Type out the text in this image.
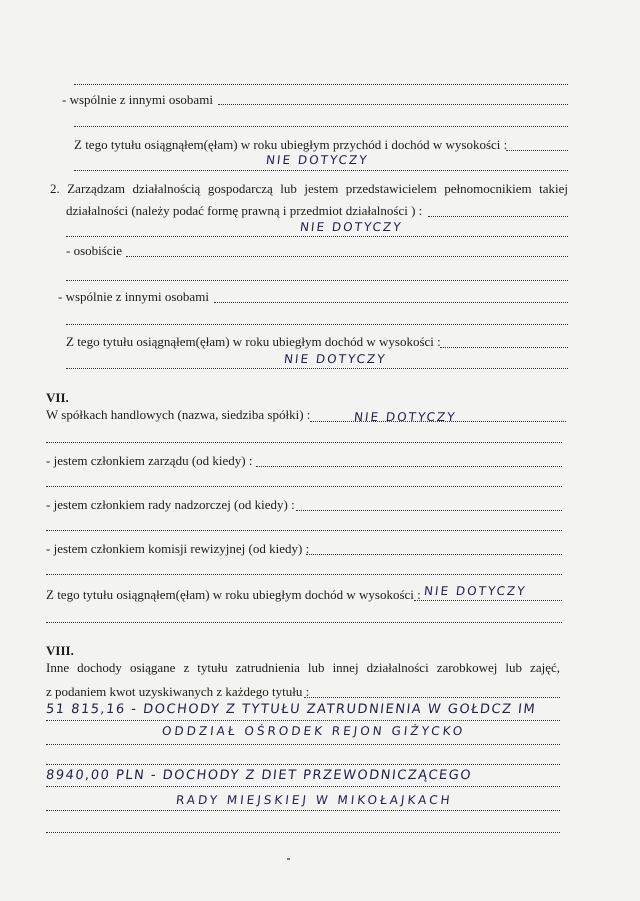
- wspólnie z innymi osobami
Z tego tytułu osiągnąłem(ęłam) w roku ubiegłym przychód i dochód w wysokości :
NIE DOTYCZY
2. Zarządzam działalnością gospodarczą lub jestem przedstawicielem pełnomocnikiem takiej
działalności (należy podać formę prawną i przedmiot działalności ) :
NIE DOTYCZY
- osobiście
- wspólnie z innymi osobami
Z tego tytułu osiągnąłem(ęłam) w roku ubiegłym dochód w wysokości :
NIE DOTYCZY
VII.
W spółkach handlowych (nazwa, siedziba spółki) :	NIE DOTYCZY
- jestem członkiem zarządu (od kiedy) :
- jestem członkiem rady nadzorczej (od kiedy) :
- jestem członkiem komisji rewizyjnej (od kiedy) :
Z tego tytułu osiągnąłem(ęłam) w roku ubiegłym dochód w wysokości : NIE DOTYCZY
VIII.
Inne dochody osiągane z tytułu zatrudnienia lub innej działalności zarobkowej lub zajęć,
z podaniem kwot uzyskiwanych z każdego tytułu :
51 815,16 - DOCHODY Z TYTUŁU ZATRUDNIENIA W GOŁDCZ IM
ODDZIAŁ OŚRODEK REJON GIŻYCKO
8940,00 PLN - DOCHODY Z DIET PRZEWODNICZĄCEGO
RADY MIEJSKIEJ W MIKOŁAJKACH
